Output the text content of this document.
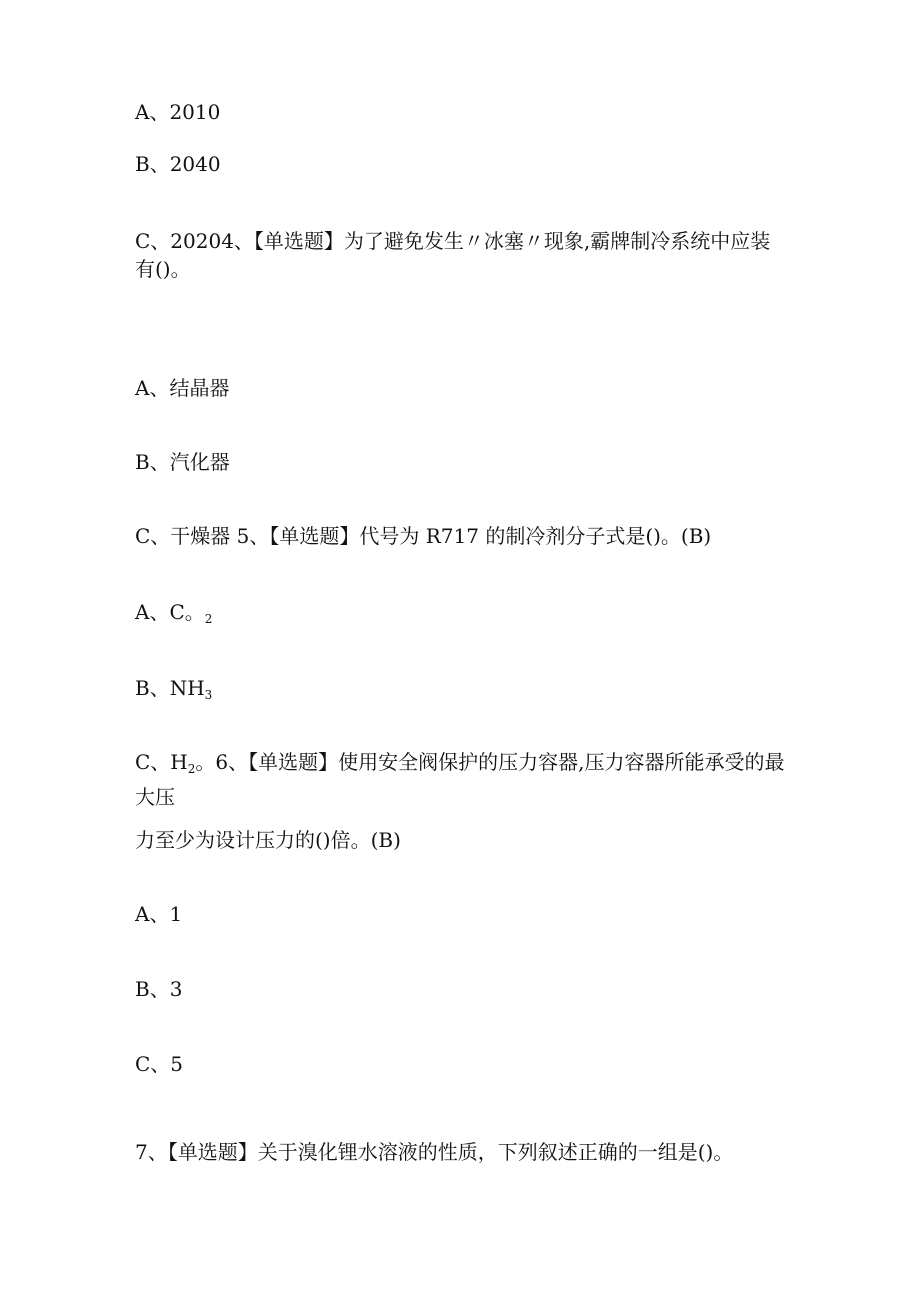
A、2010
B、2040
C、20204、【单选题】为了避免发生〃冰塞〃现象,霸牌制冷系统中应装有()。
A、结晶器
B、汽化器
C、干燥器 5、【单选题】代号为 R717 的制冷剂分子式是()。(B)
A、C。$_2$
B、$NH_3$
C、$H_2$。6、【单选题】使用安全阀保护的压力容器,压力容器所能承受的最大压
力至少为设计压力的()倍。(B)
A、1
B、3
C、5
7、【单选题】关于溴化锂水溶液的性质，下列叙述正确的一组是()。
